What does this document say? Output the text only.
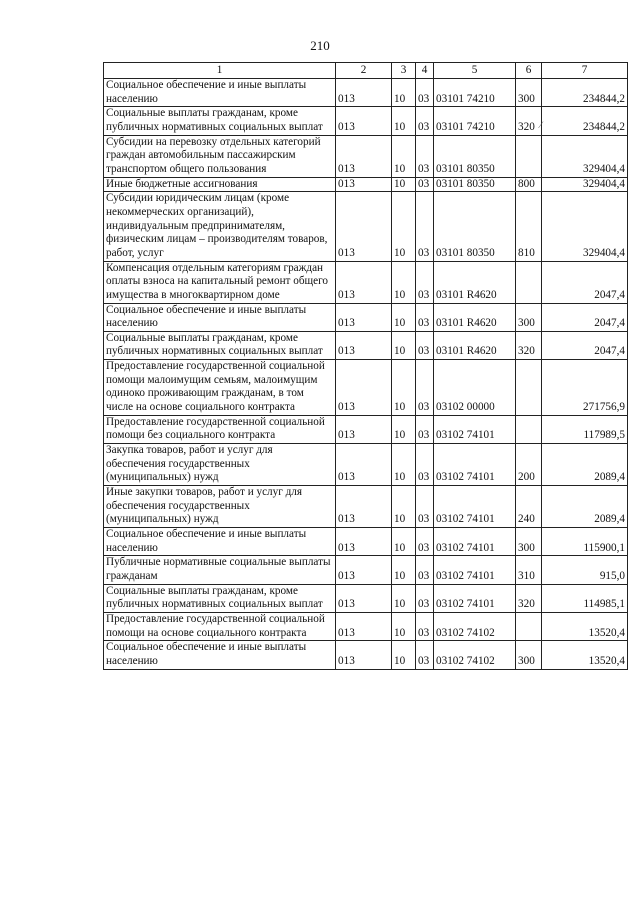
210
1	2	3	4	5	6	7
Социальное обеспечение и иные выплаты населению	013	10	03	03101 74210	300	234844,2
Социальные выплаты гражданам, кроме публичных нормативных социальных выплат	013	10	03	03101 74210	320	234844,2
Субсидии на перевозку отдельных категорий граждан автомобильным пассажирским транспортом общего пользования	013	10	03	03101 80350		329404,4
Иные бюджетные ассигнования	013	10	03	03101 80350	800	329404,4
Субсидии юридическим лицам (кроме некоммерческих организаций), индивидуальным предпринимателям, физическим лицам – производителям товаров, работ, услуг	013	10	03	03101 80350	810	329404,4
Компенсация отдельным категориям граждан оплаты взноса на капитальный ремонт общего имущества в многоквартирном доме	013	10	03	03101 R4620		2047,4
Социальное обеспечение и иные выплаты населению	013	10	03	03101 R4620	300	2047,4
Социальные выплаты гражданам, кроме публичных нормативных социальных выплат	013	10	03	03101 R4620	320	2047,4
Предоставление государственной социальной помощи малоимущим семьям, малоимущим одиноко проживающим гражданам, в том числе на основе социального контракта	013	10	03	03102 00000		271756,9
Предоставление государственной социальной помощи без социального контракта	013	10	03	03102 74101		117989,5
Закупка товаров, работ и услуг для обеспечения государственных (муниципальных) нужд	013	10	03	03102 74101	200	2089,4
Иные закупки товаров, работ и услуг для обеспечения государственных (муниципальных) нужд	013	10	03	03102 74101	240	2089,4
Социальное обеспечение и иные выплаты населению	013	10	03	03102 74101	300	115900,1
Публичные нормативные социальные выплаты гражданам	013	10	03	03102 74101	310	915,0
Социальные выплаты гражданам, кроме публичных нормативных социальных выплат	013	10	03	03102 74101	320	114985,1
Предоставление государственной социальной помощи на основе социального контракта	013	10	03	03102 74102		13520,4
Социальное обеспечение и иные выплаты населению	013	10	03	03102 74102	300	13520,4
∕
